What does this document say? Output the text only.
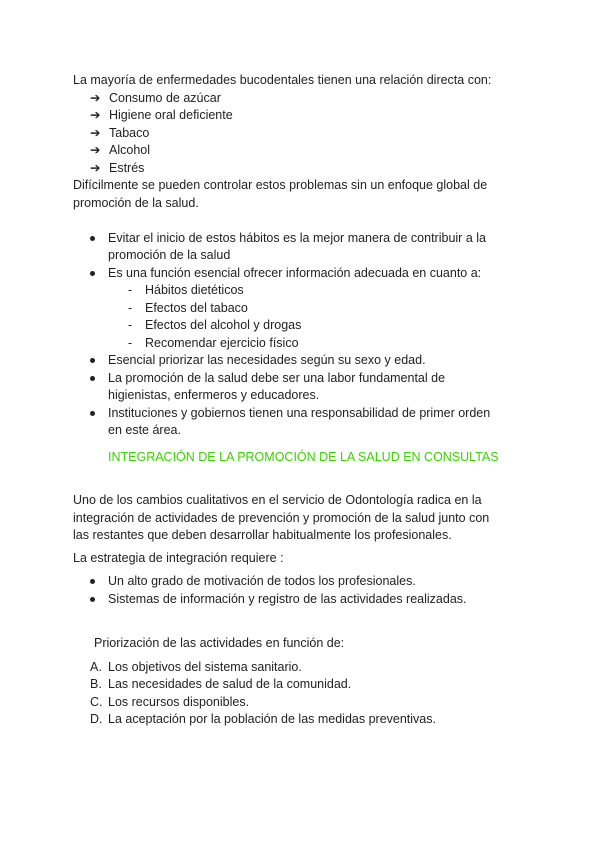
La mayoría de enfermedades bucodentales tienen una relación directa con:
➔ Consumo de azúcar
➔ Higiene oral deficiente
➔ Tabaco
➔ Alcohol
➔ Estrés
Difícilmente se pueden controlar estos problemas sin un enfoque global de
promoción de la salud.
Evitar el inicio de estos hábitos es la mejor manera de contribuir a la
promoción de la salud
Es una función esencial ofrecer información adecuada en cuanto a:
- Hábitos dietéticos
- Efectos del tabaco
- Efectos del alcohol y drogas
- Recomendar ejercicio físico
Esencial priorizar las necesidades según su sexo y edad.
La promoción de la salud debe ser una labor fundamental de
higienistas, enfermeros y educadores.
Instituciones y gobiernos tienen una responsabilidad de primer orden
en este área.
INTEGRACIÓN DE LA PROMOCIÓN DE LA SALUD EN CONSULTAS
Uno de los cambios cualitativos en el servicio de Odontología radica en la
integración de actividades de prevención y promoción de la salud junto con
las restantes que deben desarrollar habitualmente los profesionales.
La estrategia de integración requiere :
Un alto grado de motivación de todos los profesionales.
Sistemas de información y registro de las actividades realizadas.
Priorización de las actividades en función de:
A. Los objetivos del sistema sanitario.
B. Las necesidades de salud de la comunidad.
C. Los recursos disponibles.
D. La aceptación por la población de las medidas preventivas.
